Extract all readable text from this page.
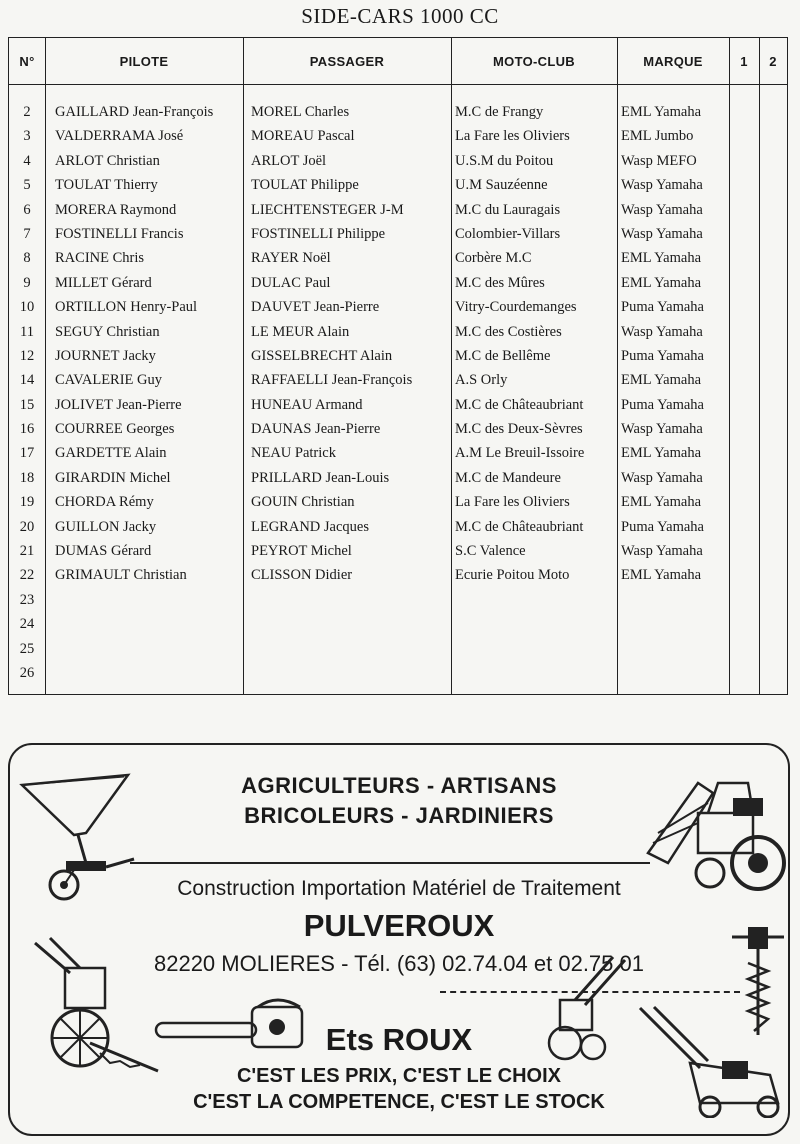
SIDE-CARS 1000 CC
N°	PILOTE	PASSAGER	MOTO-CLUB	MARQUE	1	2
2	GAILLARD Jean-François	MOREL Charles	M.C de Frangy	EML Yamaha
3	VALDERRAMA José	MOREAU Pascal	La Fare les Oliviers	EML Jumbo
4	ARLOT Christian	ARLOT Joël	U.S.M du Poitou	Wasp MEFO
5	TOULAT Thierry	TOULAT Philippe	U.M Sauzéenne	Wasp Yamaha
6	MORERA Raymond	LIECHTENSTEGER J-M	M.C du Lauragais	Wasp Yamaha
7	FOSTINELLI Francis	FOSTINELLI Philippe	Colombier-Villars	Wasp Yamaha
8	RACINE Chris	RAYER Noël	Corbère M.C	EML Yamaha
9	MILLET Gérard	DULAC Paul	M.C des Mûres	EML Yamaha
10	ORTILLON Henry-Paul	DAUVET Jean-Pierre	Vitry-Courdemanges	Puma Yamaha
11	SEGUY Christian	LE MEUR Alain	M.C des Costières	Wasp Yamaha
12	JOURNET Jacky	GISSELBRECHT Alain	M.C de Bellême	Puma Yamaha
14	CAVALERIE Guy	RAFFAELLI Jean-François	A.S Orly	EML Yamaha
15	JOLIVET Jean-Pierre	HUNEAU Armand	M.C de Châteaubriant	Puma Yamaha
16	COURREE Georges	DAUNAS Jean-Pierre	M.C des Deux-Sèvres	Wasp Yamaha
17	GARDETTE Alain	NEAU Patrick	A.M Le Breuil-Issoire	EML Yamaha
18	GIRARDIN Michel	PRILLARD Jean-Louis	M.C de Mandeure	Wasp Yamaha
19	CHORDA Rémy	GOUIN Christian	La Fare les Oliviers	EML Yamaha
20	GUILLON Jacky	LEGRAND Jacques	M.C de Châteaubriant	Puma Yamaha
21	DUMAS Gérard	PEYROT Michel	S.C Valence	Wasp Yamaha
22	GRIMAULT Christian	CLISSON Didier	Ecurie Poitou Moto	EML Yamaha
23
24
25
26
AGRICULTEURS - ARTISANS
BRICOLEURS - JARDINIERS
Construction Importation Matériel de Traitement
PULVEROUX
82220 MOLIERES - Tél. (63) 02.74.04 et 02.75.01
Ets ROUX
C'EST LES PRIX, C'EST LE CHOIX
C'EST LA COMPETENCE, C'EST LE STOCK
